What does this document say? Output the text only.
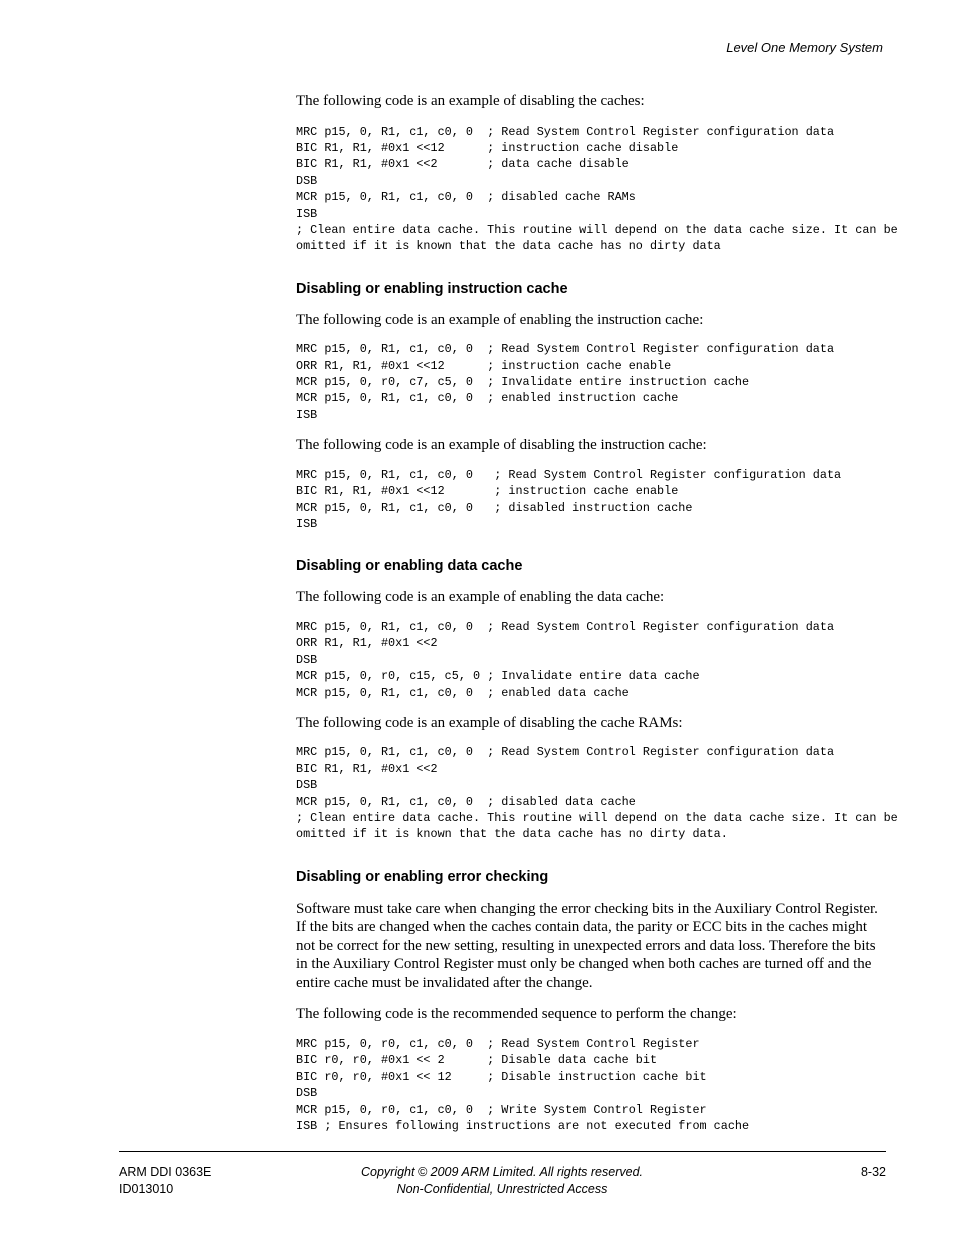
Level One Memory System

The following code is an example of disabling the caches:

MRC p15, 0, R1, c1, c0, 0  ; Read System Control Register configuration data
BIC R1, R1, #0x1 <<12      ; instruction cache disable
BIC R1, R1, #0x1 <<2       ; data cache disable
DSB
MCR p15, 0, R1, c1, c0, 0  ; disabled cache RAMs
ISB
; Clean entire data cache. This routine will depend on the data cache size. It can be
omitted if it is known that the data cache has no dirty data
Disabling or enabling instruction cache

The following code is an example of enabling the instruction cache:

MRC p15, 0, R1, c1, c0, 0  ; Read System Control Register configuration data
ORR R1, R1, #0x1 <<12      ; instruction cache enable
MCR p15, 0, r0, c7, c5, 0  ; Invalidate entire instruction cache
MCR p15, 0, R1, c1, c0, 0  ; enabled instruction cache
ISB

The following code is an example of disabling the instruction cache:

MRC p15, 0, R1, c1, c0, 0   ; Read System Control Register configuration data
BIC R1, R1, #0x1 <<12       ; instruction cache enable
MCR p15, 0, R1, c1, c0, 0   ; disabled instruction cache
ISB
Disabling or enabling data cache

The following code is an example of enabling the data cache:

MRC p15, 0, R1, c1, c0, 0  ; Read System Control Register configuration data
ORR R1, R1, #0x1 <<2
DSB
MCR p15, 0, r0, c15, c5, 0 ; Invalidate entire data cache
MCR p15, 0, R1, c1, c0, 0  ; enabled data cache

The following code is an example of disabling the cache RAMs:

MRC p15, 0, R1, c1, c0, 0  ; Read System Control Register configuration data
BIC R1, R1, #0x1 <<2
DSB
MCR p15, 0, R1, c1, c0, 0  ; disabled data cache
; Clean entire data cache. This routine will depend on the data cache size. It can be
omitted if it is known that the data cache has no dirty data.
Disabling or enabling error checking

Software must take care when changing the error checking bits in the Auxiliary Control Register. If the bits are changed when the caches contain data, the parity or ECC bits in the caches might not be correct for the new setting, resulting in unexpected errors and data loss. Therefore the bits in the Auxiliary Control Register must only be changed when both caches are turned off and the entire cache must be invalidated after the change.

The following code is the recommended sequence to perform the change:

MRC p15, 0, r0, c1, c0, 0  ; Read System Control Register
BIC r0, r0, #0x1 << 2      ; Disable data cache bit
BIC r0, r0, #0x1 << 12     ; Disable instruction cache bit
DSB
MCR p15, 0, r0, c1, c0, 0  ; Write System Control Register
ISB ; Ensures following instructions are not executed from cache
ARM DDI 0363E
ID013010
Copyright © 2009 ARM Limited. All rights reserved.
Non-Confidential, Unrestricted Access
8-32
